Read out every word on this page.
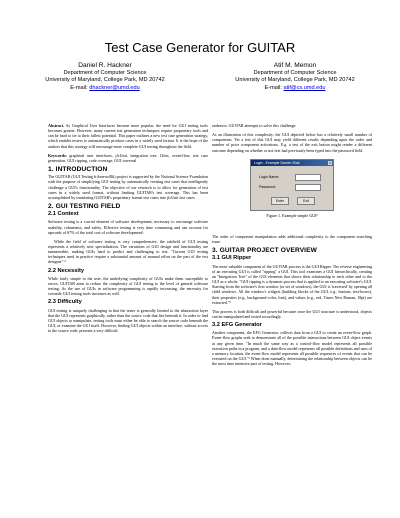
Test Case Generator for GUITAR
Daniel R. Hackner
Department of Computer Science
University of Maryland, College Park, MD 20742
E-mail: dhackner@umd.edu
Atif M. Memon
Department of Computer Science
University of Maryland, College Park, MD 20742
E-mail: atif@cs.umd.edu

Abstract. As Graphical User Interfaces become more popular, the need for GUI testing tools becomes greater. However, many current test generation techniques require proprietary tools and can be hard to tie to their fullest potential. This paper outlines a new test case generation strategy, which enables testers to automatically produce cases in a widely used format. It is the hope of the authors that this strategy will encourage more complete GUI testing throughout the field.

Keywords: graphical user interfaces, jfcUnit, integration tree, JUnit, event-flow, test case generation, GUI ripping, code coverage, GUI traversal

1. INTRODUCTION

The GUITAR (GUI Testing frAmewoRk) project is supported by the National Science Foundation with the purpose of simplifying GUI testing by automatically creating test cases that intelligently challenge a GUI's functionality. The objective of our research is to allow for generation of test cases in a widely used format, without limiting GUITAR's test coverage. This has been accomplished by translating GUITAR's proprietary format test cases into jfcUnit test cases.

2. GUI TESTING FIELD
2.1 Context

Software testing is a crucial element of software development, necessary to encourage software usability, robustness, and safety. Effective testing is very time consuming and can account for upwards of 67% of the total cost of software development¹.

While the field of software testing is very comprehensive, the subfield of GUI testing represents a relatively new specialization. The variations of GUI design and functionality are innumerable, making GUIs hard to predict and challenging to test. "Current GUI testing techniques used in practice require a substantial amount of manual effort on the part of the test designer".²

2.2 Necessity

While fairly simple to the user, the underlying complexity of GUIs make them susceptible to errors. GUITAR aims to reduce the complexity of GUI testing to the level of general software testing. As the use of GUIs in software programming is rapidly increasing, the necessity for versatile GUI testing tools increases as well.

2.3 Difficulty

GUI testing is uniquely challenging in that the tester is generally limited to the abstraction layer that the GUI represents graphically, rather than the source code that lies beneath it. In order to find GUI objects to manipulate, testing tools must either be able to search the source code beneath the GUI, or examine the GUI itself. However, finding GUI objects within an interface, without access to the source code, presents a very difficult

endeavor. GUITAR attempts to solve this challenge.

As an illustration of this complexity, the GUI depicted below has a relatively small number of components. Yet a test of this GUI may yield different results depending upon the order and number of prior component activations. E.g. a test of the exit button might render a different outcome depending on whether or not text had previously been typed into the password field.

Login - Example Screen Shot	×
Login Name:
Password:
Enter	Exit
Figure 1. Example simple GUI²

The order of component manipulation adds additional complexity to the component searching issue.

3. GUITAR PROJECT OVERVIEW
3.1 GUI Ripper

The most valuable component of the GUITAR process is the GUI Ripper. The reverse engineering of an executing GUI is called "ripping" a GUI. This tool examines a GUI hierarchically, creating an "Integration Tree" of the GUI elements that shows their relationship to each other and to the GUI as a whole. "GUI ripping is a dynamic process that is applied to an executing software's GUI. Starting from the software's first window (or set of windows), the GUI is 'traversed' by opening all child windows. All the window's widgets (building blocks of the GUI, e.g., buttons, text-boxes), their properties (e.g., background-color, font), and values (e.g., red, Times New Roman, 18pt) are extracted."³

This process is both difficult and powerful because once the GUI structure is understood, objects can be manipulated and tested accordingly.

3.2 EFG Generator

Another component, the EFG Generator, collects data from a GUI to create an event-flow graph. Event-flow graphs seek to demonstrate all of the possible interactions between GUI object events at any given time. "In much the same way as a control-flow model represents all possible execution paths in a program, and a data-flow model represents all possible definitions and uses of a memory location, the event-flow model represents all possible sequences of events that can be executed on the GUI."¹ When done manually, determining the relationship between objects can be the most time intensive part of testing. However,
